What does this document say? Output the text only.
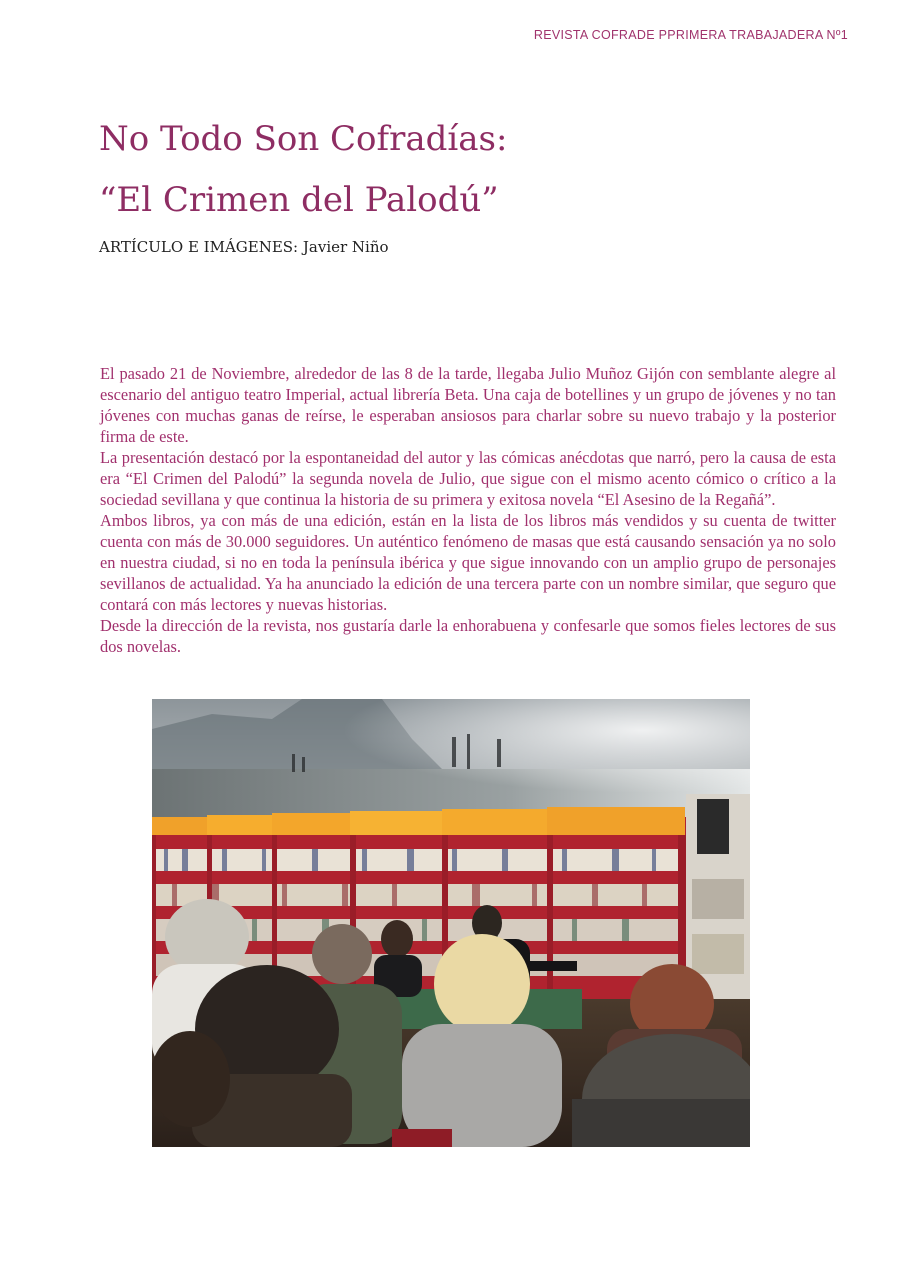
REVISTA COFRADE PPRIMERA TRABAJADERA Nº1
No Todo Son Cofradías:
“El Crimen del Palodú”
ARTÍCULO E IMÁGENES: Javier Niño

El pasado 21 de Noviembre, alrededor de las 8 de la tarde, llegaba Julio Muñoz Gijón con semblante alegre al escenario del antiguo teatro Imperial, actual librería Beta. Una caja de botellines y un grupo de jóvenes y no tan jóvenes con muchas ganas de reírse, le esperaban ansiosos para charlar sobre su nuevo trabajo y la posterior firma de este.

La presentación destacó por la espontaneidad del autor y las cómicas anécdotas que narró, pero la causa de esta era “El Crimen del Palodú” la segunda novela de Julio, que sigue con el mismo acento cómico o crítico a la sociedad sevillana y que continua la historia de su primera y exitosa novela “El Asesino de la Regañá”.

Ambos libros, ya con más de una edición, están en la lista de los libros más vendidos y su cuenta de twitter cuenta con más de 30.000 seguidores. Un auténtico fenómeno de masas que está causando sensación ya no solo en nuestra ciudad, si no en toda la península ibérica y que sigue innovando con un amplio grupo de personajes sevillanos de actualidad. Ya ha anunciado la edición de una tercera parte con un nombre similar, que seguro que contará con más lectores y nuevas historias.

Desde la dirección de la revista, nos gustaría darle la enhorabuena y confesarle que somos fieles lectores de sus dos novelas.
